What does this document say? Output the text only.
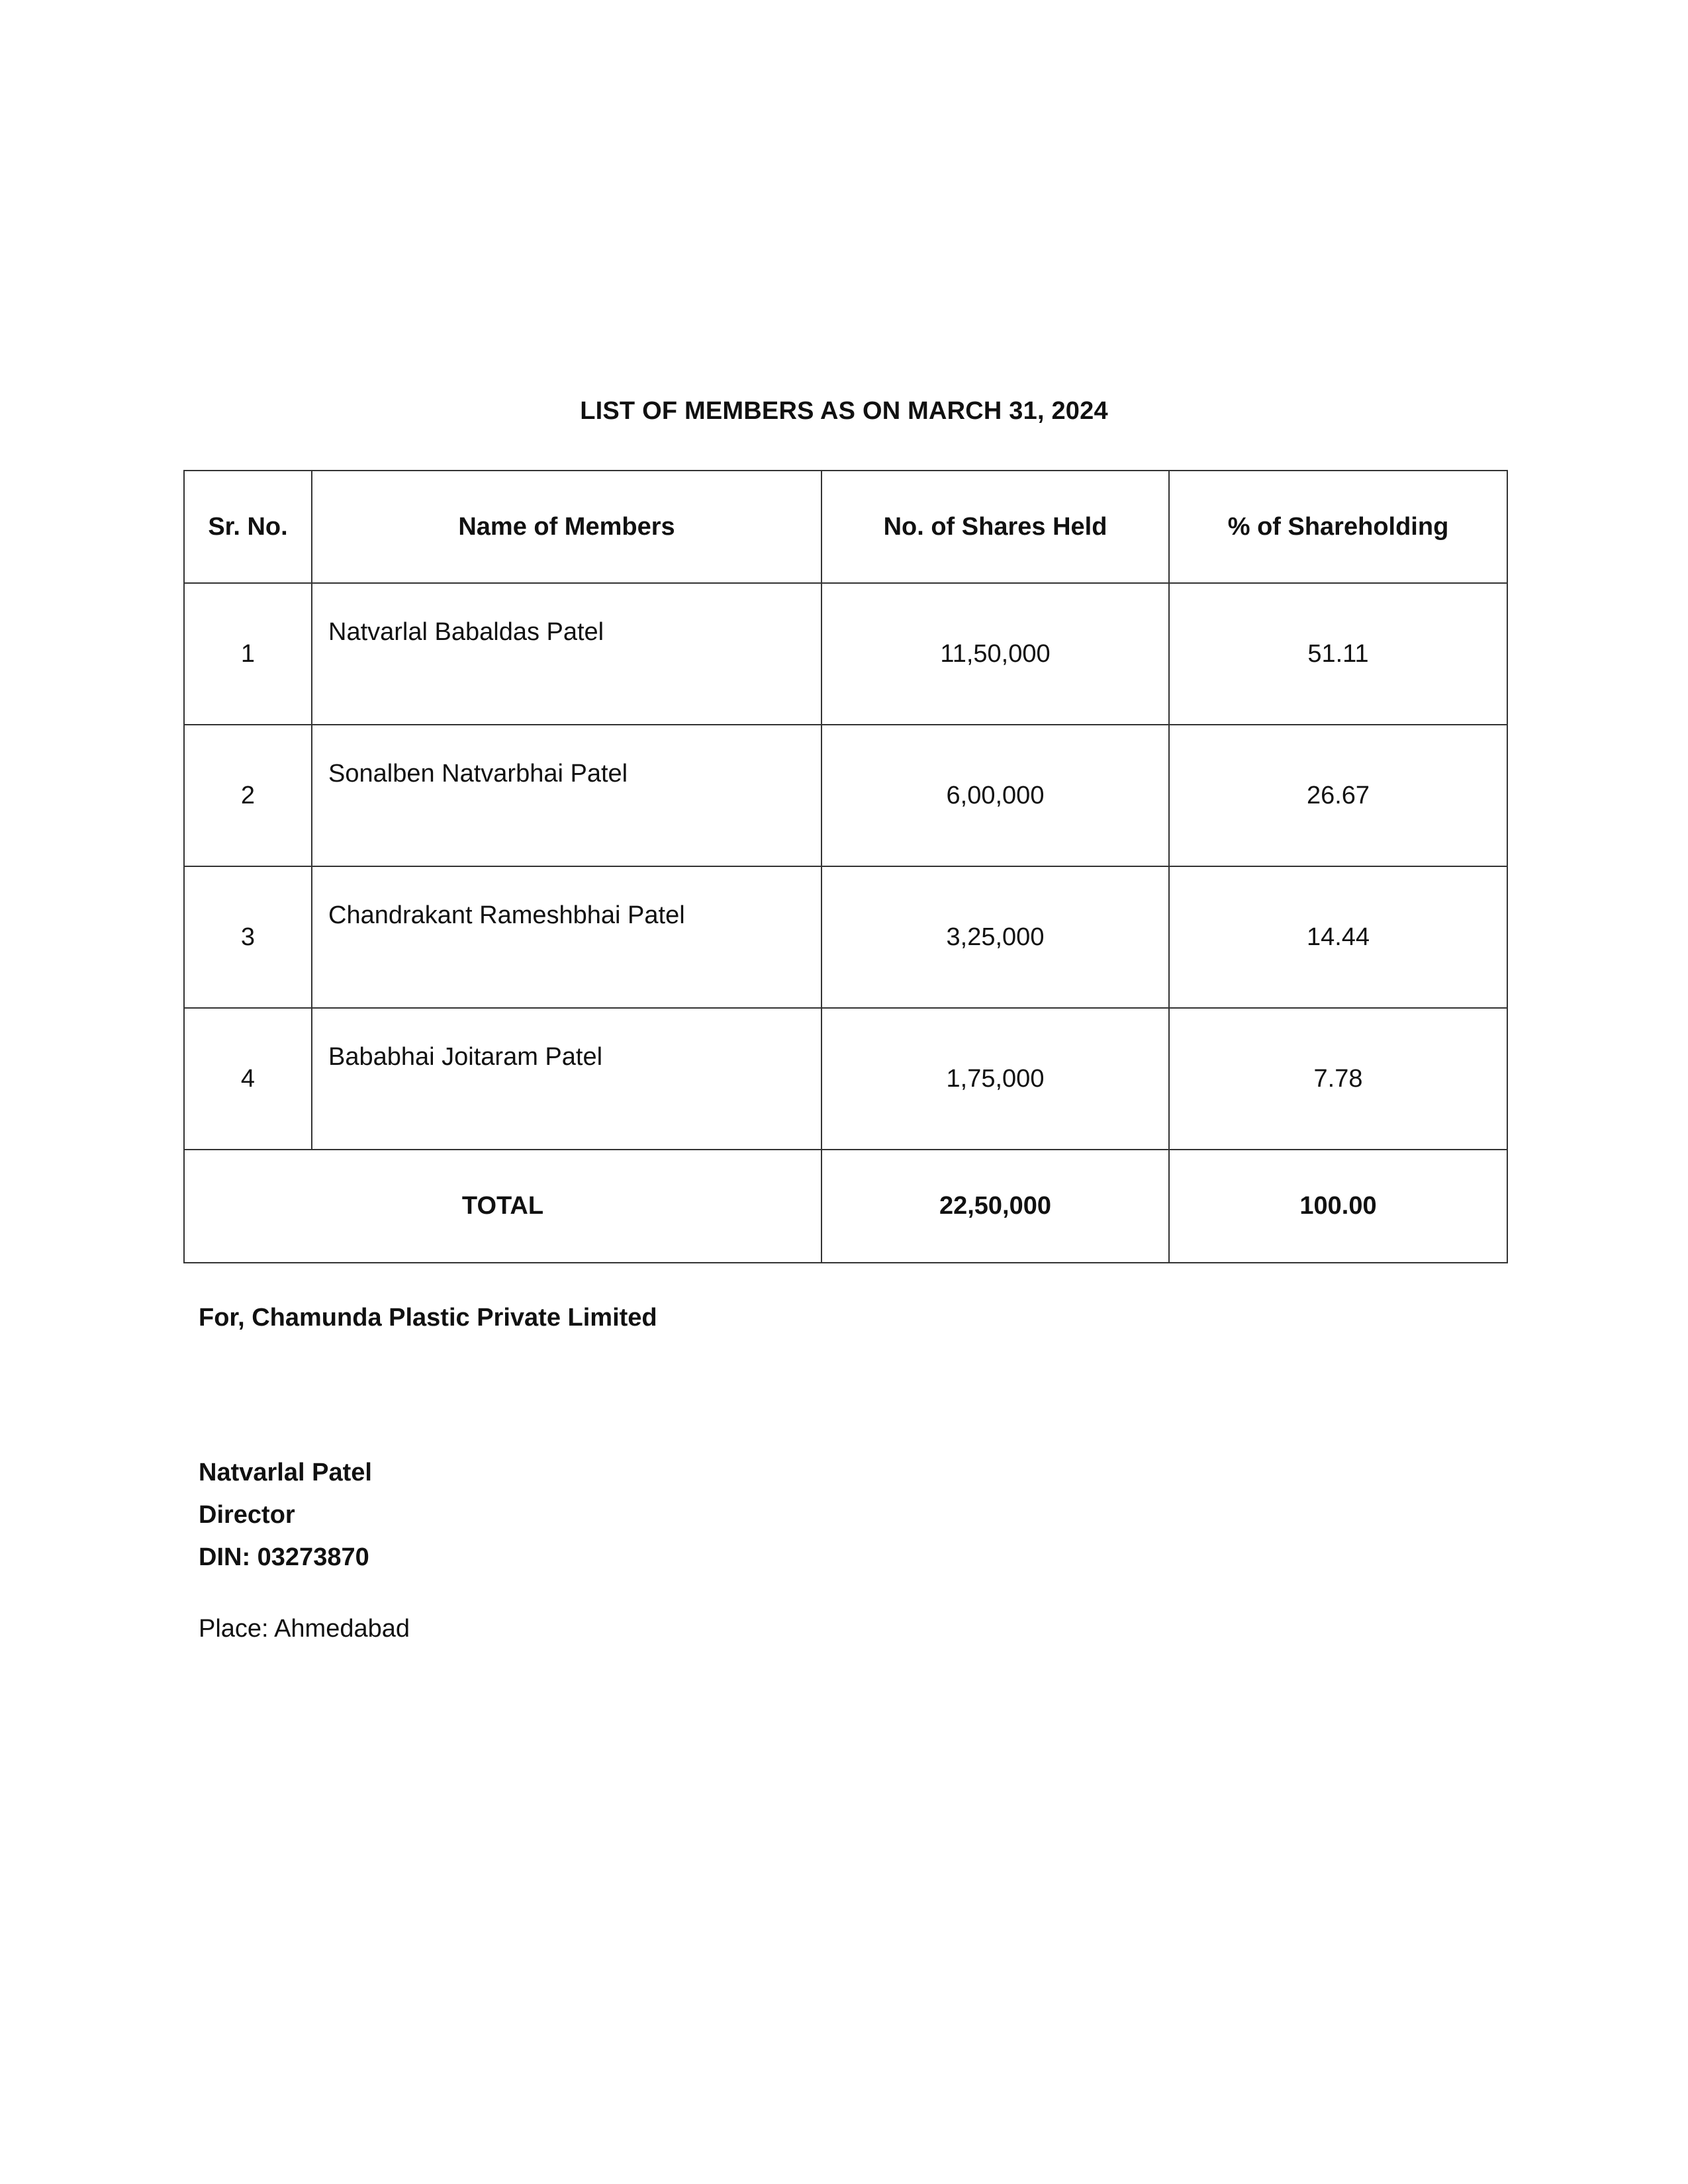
LIST OF MEMBERS AS ON MARCH 31, 2024
Sr. No.	Name of Members	No. of Shares Held	% of Shareholding
1	Natvarlal Babaldas Patel	11,50,000	51.11
2	Sonalben Natvarbhai Patel	6,00,000	26.67
3	Chandrakant Rameshbhai Patel	3,25,000	14.44
4	Bababhai Joitaram Patel	1,75,000	7.78
TOTAL		22,50,000	100.00
For, Chamunda Plastic Private Limited
Natvarlal Patel
Director
DIN: 03273870
Place: Ahmedabad
